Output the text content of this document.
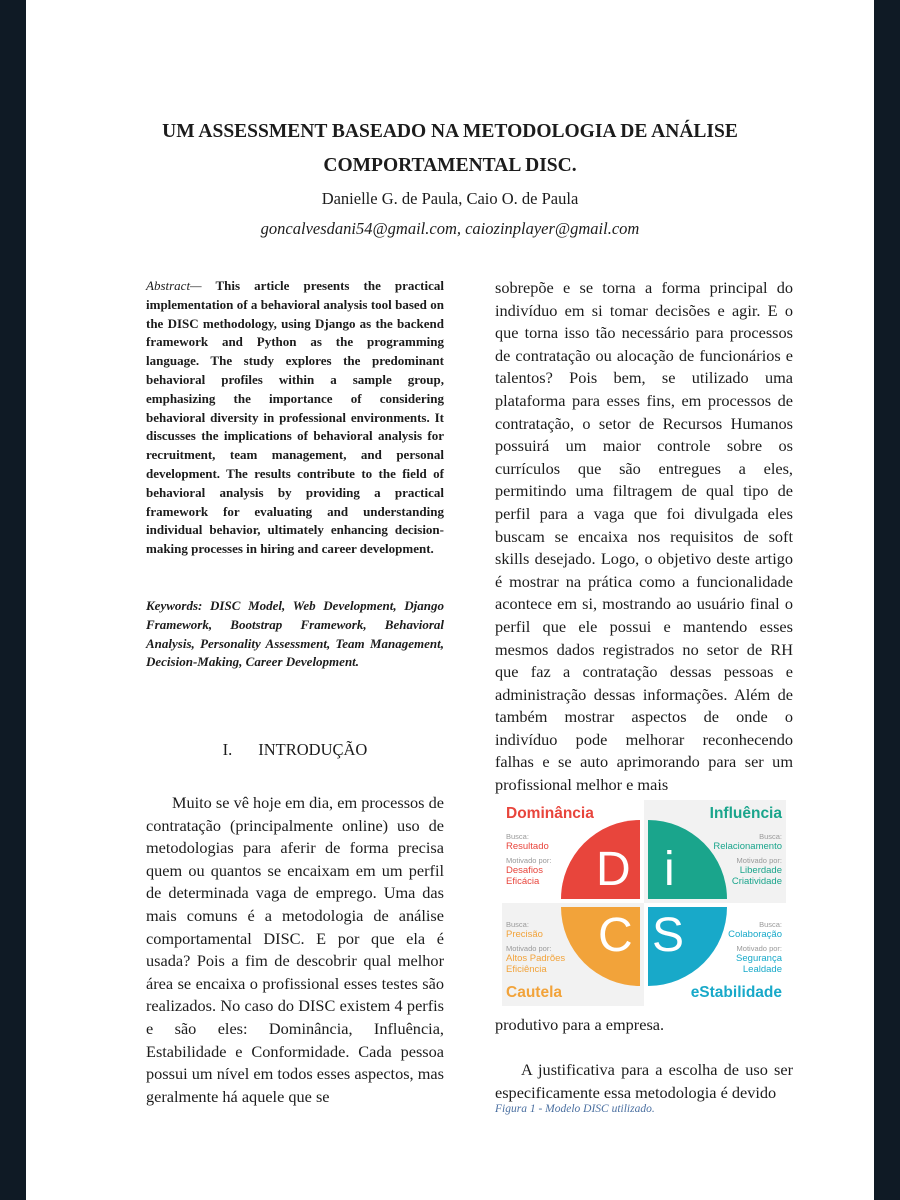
UM ASSESSMENT BASEADO NA METODOLOGIA DE ANÁLISE
COMPORTAMENTAL DISC.
Danielle G. de Paula, Caio O. de Paula
goncalvesdani54@gmail.com, caiozinplayer@gmail.com
Abstract— This article presents the practical implementation of a behavioral analysis tool based on the DISC methodology, using Django as the backend framework and Python as the programming language. The study explores the predominant behavioral profiles within a sample group, emphasizing the importance of considering behavioral diversity in professional environments. It discusses the implications of behavioral analysis for recruitment, team management, and personal development. The results contribute to the field of behavioral analysis by providing a practical framework for evaluating and understanding individual behavior, ultimately enhancing decision-making processes in hiring and career development.
Keywords: DISC Model, Web Development, Django Framework, Bootstrap Framework, Behavioral Analysis, Personality Assessment, Team Management, Decision-Making, Career Development.
I. INTRODUÇÃO

Muito se vê hoje em dia, em processos de contratação (principalmente online) uso de metodologias para aferir de forma precisa quem ou quantos se encaixam em um perfil de determinada vaga de emprego. Uma das mais comuns é a metodologia de análise comportamental DISC. E por que ela é usada? Pois a fim de descobrir qual melhor área se encaixa o profissional esses testes são realizados. No caso do DISC existem 4 perfis e são eles: Dominância, Influência, Estabilidade e Conformidade. Cada pessoa possui um nível em todos esses aspectos, mas geralmente há aquele que se

sobrepõe e se torna a forma principal do indivíduo em si tomar decisões e agir. E o que torna isso tão necessário para processos de contratação ou alocação de funcionários e talentos? Pois bem, se utilizado uma plataforma para esses fins, em processos de contratação, o setor de Recursos Humanos possuirá um maior controle sobre os currículos que são entregues a eles, permitindo uma filtragem de qual tipo de perfil para a vaga que foi divulgada eles buscam se encaixa nos requisitos de soft skills desejado. Logo, o objetivo deste artigo é mostrar na prática como a funcionalidade acontece em si, mostrando ao usuário final o perfil que ele possui e mantendo esses mesmos dados registrados no setor de RH que faz a contratação dessas pessoas e administração dessas informações. Além de também mostrar aspectos de onde o indivíduo pode melhorar reconhecendo falhas e se auto aprimorando para ser um profissional melhor e mais

D i
C S
Dominância	Influência
Cautela	eStabilidade
Busca:
Resultado

Motivado por:
Desafios
Eficácia
Busca:
Relacionamento

Motivado por:
Liberdade
Criatividade
Busca:
Precisão

Motivado por:
Altos Padrões
Eficiência
Busca:
Colaboração

Motivado por:
Segurança
Lealdade
produtivo para a empresa.

A justificativa para a escolha de uso ser especificamente essa metodologia é devido

Figura 1 - Modelo DISC utilizado.
